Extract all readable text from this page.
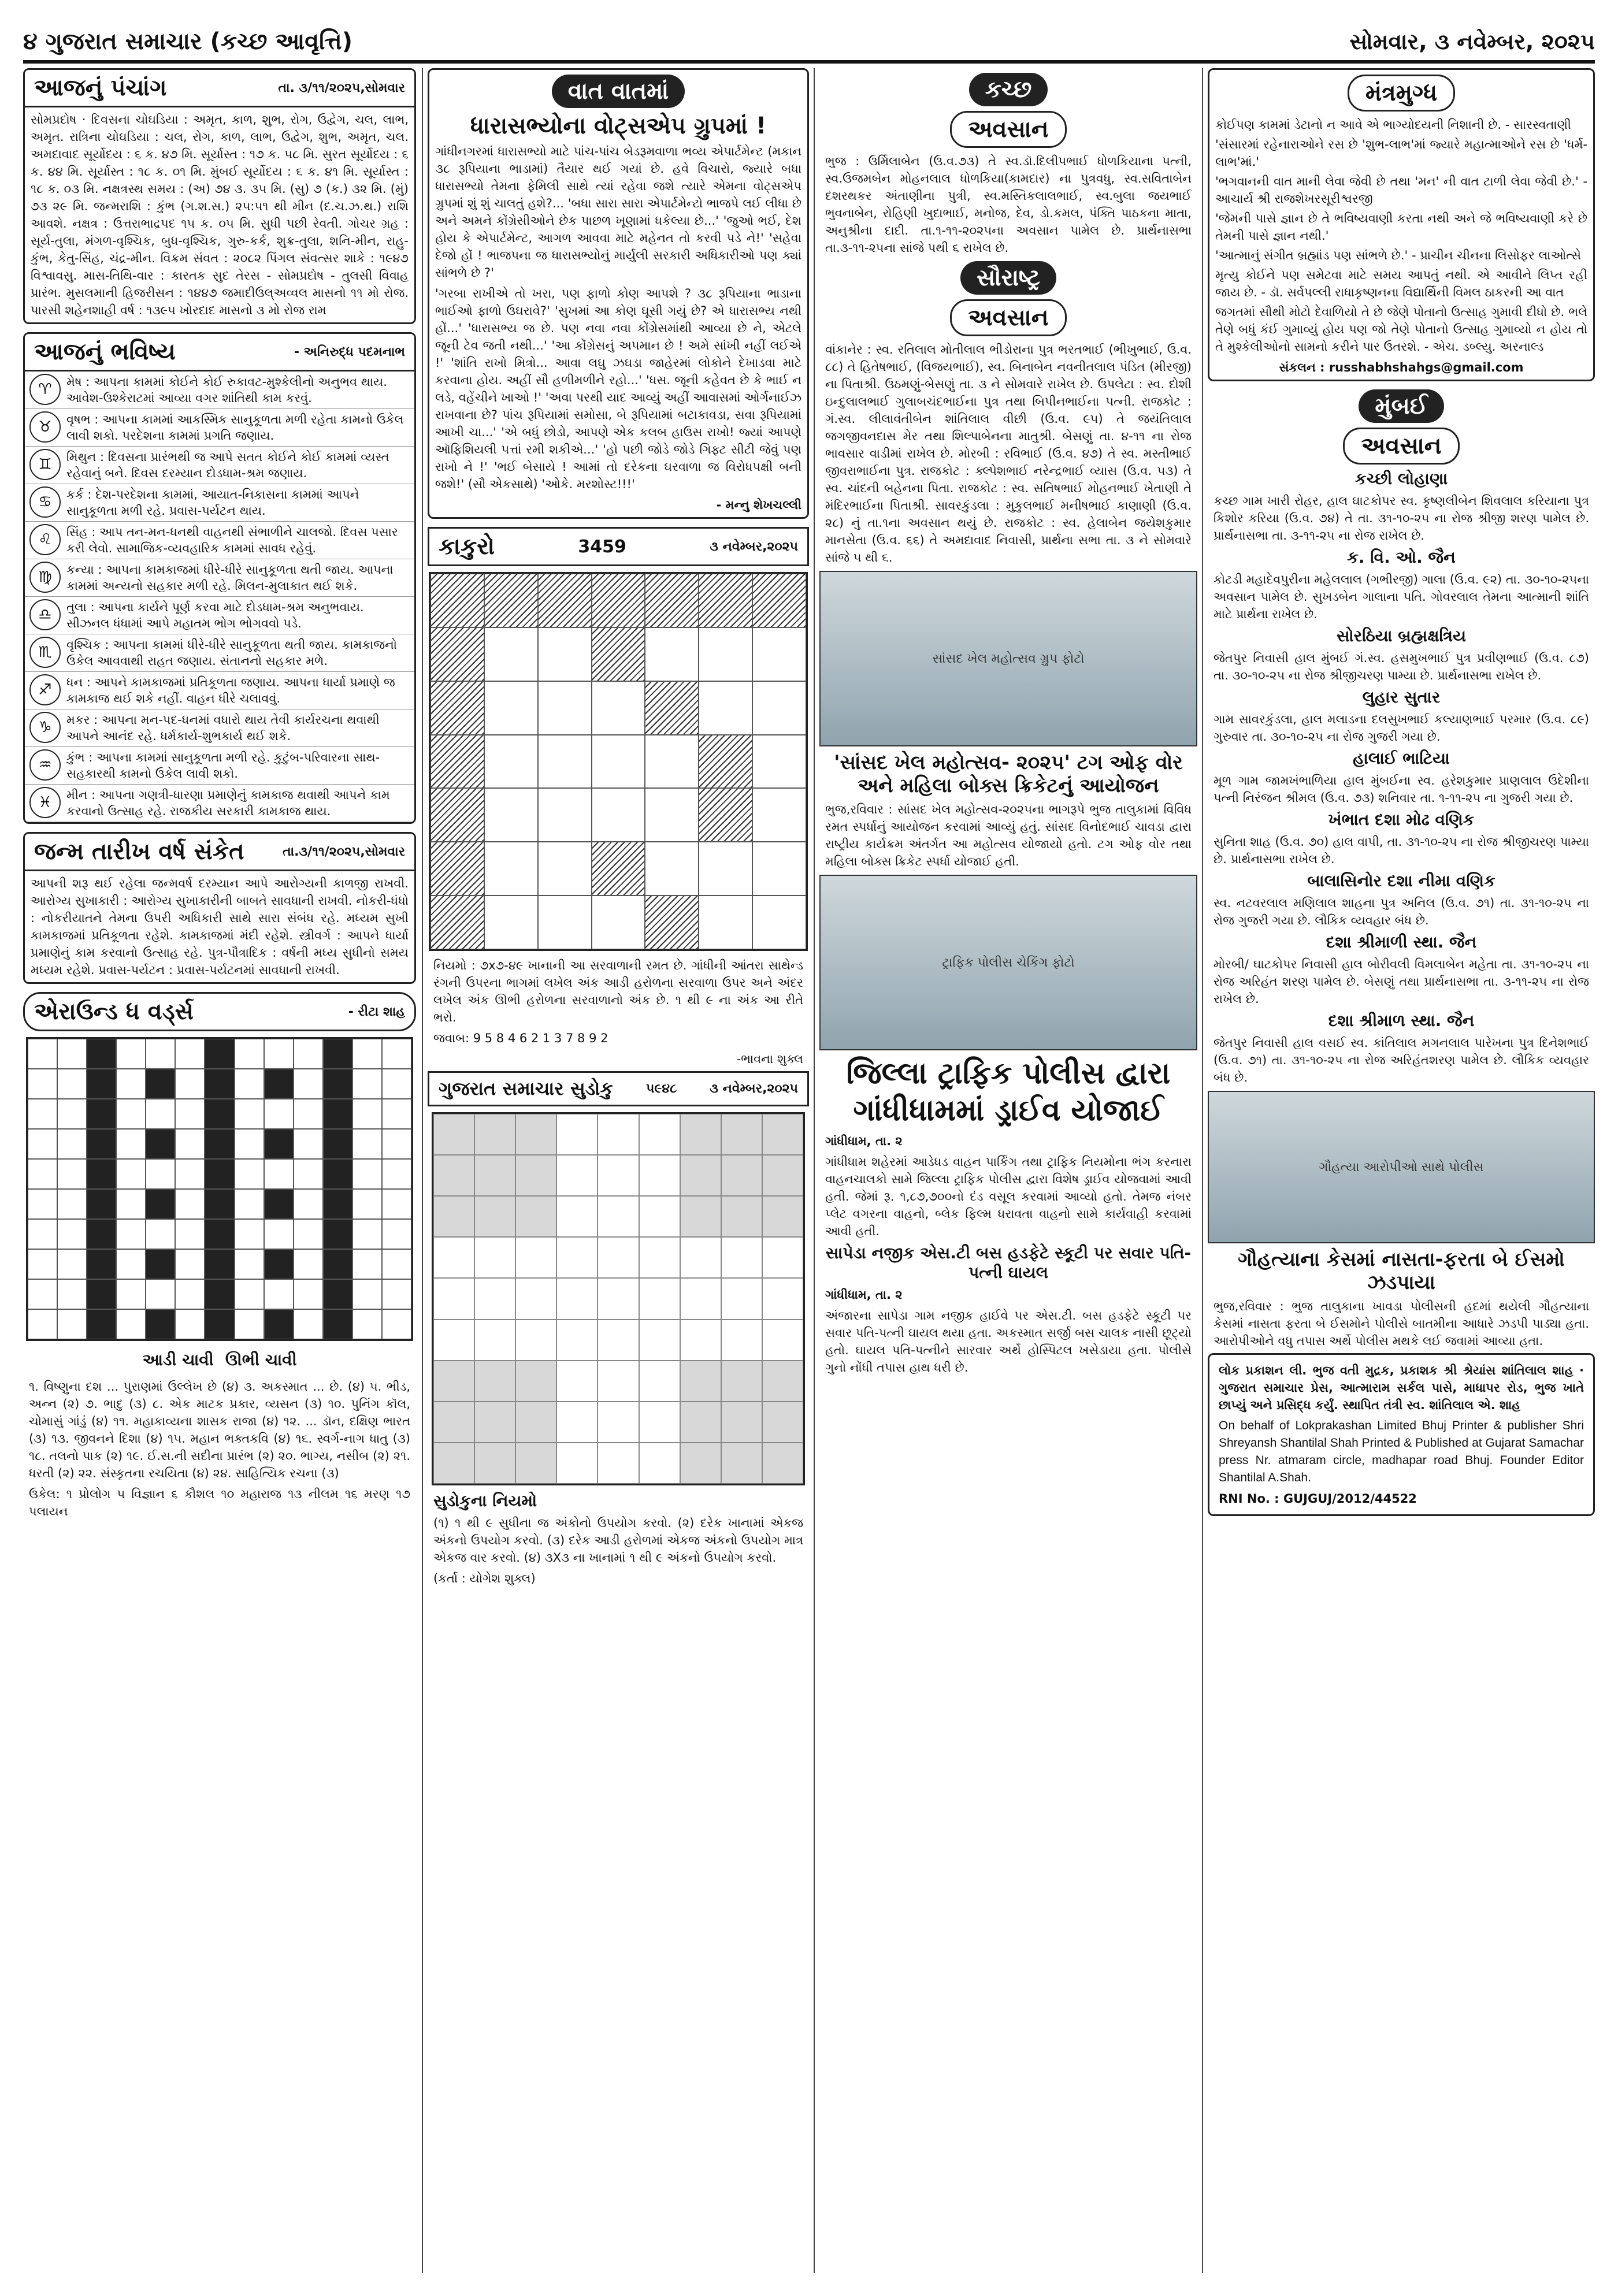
૪ ગુજરાત સમાચાર (કચ્છ આવૃત્તિ)	સોમવાર, ૩ નવેમ્બર, ૨૦૨૫
આજનું પંચાંગ	તા. ૩/૧૧/૨૦૨૫,સોમવાર

સોમપ્રદોષ · દિવસના ચોઘડિયા : અમૃત, કાળ, શુભ, રોગ, ઉદ્વેગ, ચલ, લાભ, અમૃત. રાત્રિના ચોઘડિયા : ચલ, રોગ, કાળ, લાભ, ઉદ્વેગ, શુભ, અમૃત, ચલ. અમદાવાદ સૂર્યોદય : ૬ ક. ૪૭ મિ. સૂર્યાસ્ત : ૧૭ ક. ૫૮ મિ. સુરત સૂર્યોદય : ૬ ક. ૪૪ મિ. સૂર્યાસ્ત : ૧૮ ક. ૦૧ મિ. મુંબઈ સૂર્યોદય : ૬ ક. ૪૧ મિ. સૂર્યાસ્ત : ૧૮ ક. ૦૩ મિ. નક્ષત્રસ્થ સમય : (અ) ૭૪ ૩. ૩૫ મિ. (સુ) ૭ (ક.) ૩૨ મિ. (મું) ૭૩ ૨૯ મિ. જન્મરાશિ : કુંભ (ગ.શ.સ.) ૨૫:૫૧ થી મીન (દ.ચ.ઝ.થ.) રાશિ આવશે. નક્ષત્ર : ઉત્તરાભાદ્રપદ ૧૫ ક. ૦૫ મિ. સુધી પછી રેવતી. ગોચર ગ્રહ : સૂર્ય-તુલા, મંગળ-વૃશ્ચિક, બુધ-વૃશ્ચિક, ગુરુ-કર્ક, શુક્ર-તુલા, શનિ-મીન, રાહુ-કુંભ, કેતુ-સિંહ, ચંદ્ર-મીન. વિક્રમ સંવત : ૨૦૮૨ પિંગલ સંવત્સર શાકે : ૧૯૪૭ વિશ્વાવસુ. માસ-તિથિ-વાર : કારતક સુદ તેરસ - સોમપ્રદોષ - તુલસી વિવાહ પ્રારંભ. મુસલમાની હિજરીસન : ૧૪૪૭ જમાદીઉલ્અવ્વલ માસનો ૧૧ મો રોજ. પારસી શહેનશાહી વર્ષ : ૧૩૯૫ ખોરદાદ માસનો ૩ મો રોજ રામ

આજનું ભવિષ્ય	- અનિરુદ્ધ પદમનાભ
♈	મેષ : આપના કામમાં કોઈને કોઈ રુકાવટ-મુશ્કેલીનો અનુભવ થાય. આવેશ-ઉશ્કેરાટમાં આવ્યા વગર શાંતિથી કામ કરવું.
♉	વૃષભ : આપના કામમાં આકસ્મિક સાનુકૂળતા મળી રહેતા કામનો ઉકેલ લાવી શકો. પરદેશના કામમાં પ્રગતિ જણાય.
♊	મિથુન : દિવસના પ્રારંભથી જ આપે સતત કોઈને કોઈ કામમાં વ્યસ્ત રહેવાનું બને. દિવસ દરમ્યાન દોડધામ-શ્રમ જણાય.
♋	કર્ક : દેશ-પરદેશના કામમાં, આયાત-નિકાસના કામમાં આપને સાનુકૂળતા મળી રહે. પ્રવાસ-પર્યટન થાય.
♌	સિંહ : આપ તન-મન-ધનથી વાહનથી સંભાળીને ચાલજો. દિવસ પસાર કરી લેવો. સામાજિક-વ્યવહારિક કામમાં સાવધ રહેવું.
♍	કન્યા : આપના કામકાજમાં ધીરે-ધીરે સાનુકૂળતા થતી જાય. આપના કામમાં અન્યનો સહકાર મળી રહે. મિલન-મુલાકાત થઈ શકે.
♎	તુલા : આપના કાર્યને પૂર્ણ કરવા માટે દોડધામ-શ્રમ અનુભવાય. સીઝનલ ધંધામાં આપે મહાતમ ભોગ ભોગવવો પડે.
♏	વૃશ્ચિક : આપના કામમાં ધીરે-ધીરે સાનુકૂળતા થતી જાય. કામકાજનો ઉકેલ આવવાથી રાહત જણાય. સંતાનનો સહકાર મળે.
♐	ધન : આપને કામકાજમાં પ્રતિકૂળતા જણાય. આપના ધાર્યા પ્રમાણે જ કામકાજ થઈ શકે નહીં. વાહન ધીરે ચલાવવું.
♑	મકર : આપના મન-પદ-ધનમાં વધારો થાય તેવી કાર્યરચના થવાથી આપને આનંદ રહે. ધર્મકાર્ય-શુભકાર્ય થઈ શકે.
♒	કુંભ : આપના કામમાં સાનુકૂળતા મળી રહે. કુટુંબ-પરિવારના સાથ-સહકારથી કામનો ઉકેલ લાવી શકો.
♓	મીન : આપના ગણત્રી-ધારણા પ્રમાણેનું કામકાજ થવાથી આપને કામ કરવાનો ઉત્સાહ રહે. રાજકીય સરકારી કામકાજ થાય.
જન્મ તારીખ વર્ષ સંકેત	તા.૩/૧૧/૨૦૨૫,સોમવાર

આપની શરૂ થઈ રહેલા જન્મવર્ષ દરમ્યાન આપે આરોગ્યની કાળજી રાખવી. આરોગ્ય સુખાકારી : આરોગ્ય સુખાકારીની બાબતે સાવધાની રાખવી. નોકરી-ધંધો : નોકરીયાતને તેમના ઉપરી અધિકારી સાથે સારા સંબંધ રહે. મધ્યમ સુખી કામકાજમાં પ્રતિકૂળતા રહેશે. કામકાજમાં મંદી રહેશે. સ્ત્રીવર્ગ : આપને ધાર્યા પ્રમાણેનું કામ કરવાનો ઉત્સાહ રહે. પુત્ર-પૌત્રાદિક : વર્ષની મધ્ય સુધીનો સમય મધ્યમ રહેશે. પ્રવાસ-પર્યટન : પ્રવાસ-પર્યટનમાં સાવધાની રાખવી.

એરાઉન્ડ ધ વર્ડ્સ	- રીટા શાહ
આડી ચાવી ઊભી ચાવી

૧. વિષ્ણુના દશ ... પુરાણમાં ઉલ્લેખ છે (૪) ૩. અકસ્માત ... છે. (૪) ૫. ભીડ, અન્ન (૨) ૭. ભાદુ (૩) ૮. એક માટક પ્રકાર, વ્યસન (૩) ૧૦. પુનિંગ કૉલ, ચોમાસું ગાંડું (૪) ૧૧. મહાકાવ્યના શાસક રાજા (૪) ૧૨. ... ડૉન, દક્ષિણ ભારત (૩) ૧૩. જીવનને દિશા (૪) ૧૫. મહાન ભક્તકવિ (૪) ૧૬. સ્વર્ગ-નાગ ધાતુ (૩) ૧૮. તલનો પાક (૨) ૧૯. ઈ.સ.ની સદીના પ્રારંભ (૨) ૨૦. ભાગ્ય, નસીબ (૨) ૨૧. ધરતી (૨) ૨૨. સંસ્કૃતના રચયિતા (૪) ૨૪. સાહિત્યિક રચના (૩)

ઉકેલ: ૧ પ્રોલોગ ૫ વિજ્ઞાન ૬ કૌશલ ૧૦ મહારાજ ૧૩ નીલમ ૧૬ મરણ ૧૭ પલાયન

વાત વાતમાં
ધારાસભ્યોના વોટ્સએપ ગ્રુપમાં !

ગાંધીનગરમાં ધારાસભ્યો માટે પાંચ-પાંચ બેડરૂમવાળા ભવ્ય એપાર્ટમેન્ટ (મકાન ૩૮ રૂપિયાના ભાડામાં) તૈયાર થઈ ગયાં છે. હવે વિચારો, જ્યારે બધા ધારાસભ્યો તેમના ફેમિલી સાથે ત્યાં રહેવા જશે ત્યારે એમના વોટ્સએપ ગ્રુપમાં શું શું ચાલતું હશે?... 'બધા સારા સારા એપાર્ટમેન્ટો ભાજપે લઈ લીધા છે અને અમને કોંગ્રેસીઓને છેક પાછળ ખૂણામાં ધકેલ્યા છે...' 'જુઓ ભઈ, દેશ હોય કે એપાર્ટમેન્ટ, આગળ આવવા માટે મહેનત તો કરવી પડે ને!' 'સહેવા દેજો હોં ! ભાજપના જ ધારાસભ્યોનું માર્યુલી સરકારી અધિકારીઓ પણ ક્યાં સાંભળે છે ?'

'ગરબા રાખીએ તો ખરા, પણ ફાળો કોણ આપશે ? ૩૮ રૂપિયાના ભાડાના ભાઈઓ ફાળો ઉઘરાવે?' 'સુખમાં આ કોણ ઘૂસી ગયું છે? એ ધારાસભ્ય નથી હોં...' 'ધારાસભ્ય જ છે. પણ નવા નવા કોંગ્રેસમાંથી આવ્યા છે ને, એટલે જૂની ટેવ જતી નથી...' 'આ કોંગ્રેસનું અપમાન છે ! અમે સાંખી નહીં લઈએ !' 'શાંતિ રાખો મિત્રો... આવા લઘુ ઝઘડા જાહેરમાં લોકોને દેખાડવા માટે કરવાના હોય. અહીં સૌ હળીમળીને રહો...' 'ધસ. જૂની કહેવત છે કે ભાઈ ન લડે, વહેંચીને ખાઓ !' 'અવા પરથી યાદ આવ્યું અહીં આવાસમાં ઓર્ગનાઈઝ રાખવાના છે? પાંચ રૂપિયામાં સમોસા, બે રૂપિયામાં બટાકાવડા, સવા રૂપિયામાં આખી ચા...' 'એ બધું છોડો, આપણે એક કલબ હાઉસ રાખો! જ્યાં આપણે ઑફિશિયલી પત્તાં રમી શકીએ...' 'હો પછી જોડે જોડે ગિફ્ટ સીટી જેવું પણ રાખો ને !' 'ભઈ બેસાયે ! આમાં તો દરેકના ઘરવાળા જ વિરોધપક્ષી બની જશે!' (સૌ એકસાથે) 'ઓકે. મરશોસ્ટ!!!'

- મન્નુ શેખચલ્લી

કાકુરો	3459	૩ નવેમ્બર,૨૦૨૫

નિયમો : ૭x૭-૪૯ ખાનાની આ સરવાળાની રમત છે. ગાંધીની આંતરા સાથેન્ડ રંગની ઉપરના ભાગમાં લખેલ અંક આડી હરોળના સરવાળા ઉપર અને અંદર લખેલ અંક ઊભી હરોળના સરવાળાનો અંક છે. ૧ થી ૯ ના અંક આ રીતે ભરો.

જવાબ: 9 5 8 4 6 2 1 3 7 8 9 2

-ભાવના શુક્લ

ગુજરાત સમાચાર સુડોકુ	૫૯૪૮	૩ નવેમ્બર,૨૦૨૫
સુડોકુના નિયમો

(૧) ૧ થી ૯ સુધીના જ અંકોનો ઉપયોગ કરવો. (૨) દરેક ખાનામાં એકજ અંકનો ઉપયોગ કરવો. (૩) દરેક આડી હરોળમાં એકજ અંકનો ઉપયોગ માત્ર એકજ વાર કરવો. (૪) ૩X૩ ના ખાનામાં ૧ થી ૯ અંકનો ઉપયોગ કરવો.

(કર્તા : યોગેશ શુક્લ)

કચ્છ
અવસાન

ભુજ : ઉર્મિલાબેન (ઉ.વ.૭૩) તે સ્વ.ડૉ.દિલીપભાઈ ધોળકિયાના પત્ની, સ્વ.ઉજમબેન મોહનલાલ ધોળકિયા(કામદાર) ના પુત્રવધુ, સ્વ.સવિતાબેન દશરથકર અંતાણીના પુત્રી, સ્વ.મસ્તિકલાલભાઈ, સ્વ.બુલા જયભાઈ ભુવનાબેન, રોહિણી ખુદાભાઈ, મનોજ, દેવ, ડો.કમલ, પંક્તિ પાઠકના માતા, અનુશ્રીના દાદી. તા.૧-૧૧-૨૦૨૫ના અવસાન પામેલ છે. પ્રાર્થનાસભા તા.૩-૧૧-૨૫ના સાંજે પથી ૬ રાખેલ છે.

સૌરાષ્ટ્ર
અવસાન

વાંકાનેર : સ્વ. રતિલાલ મોતીલાલ ભીડોરાના પુત્ર ભરતભાઈ (ભીખુભાઈ, ઉ.વ. ૮૮) તે હિતેષભાઈ, (વિજયભાઈ), સ્વ. બિનાબેન નવનીતલાલ પંડિત (મીરજી) ના પિતાશ્રી. ઉઠમણું-બેસણું તા. ૩ ને સોમવારે રાખેલ છે. ઉપલેટા : સ્વ. દોશી ઇન્દુલાલભાઈ ગુલાબચંદભાઈના પુત્ર તથા બિપીનભાઈના પત્ની. રાજકોટ : ગં.સ્વ. લીલાવંતીબેન શાંતિલાલ વીછી (ઉ.વ. ૯૫) તે જયંતિલાલ જગજીવનદાસ મેર તથા શિલ્પાબેનના માતુશ્રી. બેસણું તા. ૪-૧૧ ના રોજ ભાવસાર વાડીમાં રાખેલ છે. મોરબી : રવિભાઈ (ઉ.વ. ૪૭) તે સ્વ. મસ્તીભાઈ જીવરાભાઈના પુત્ર. રાજકોટ : ક્લ્પેશભાઈ નરેન્દ્રભાઈ વ્યાસ (ઉ.વ. ૫૩) તે સ્વ. ચાંદની બહેનના પિતા. રાજકોટ : સ્વ. સતિષભાઈ મોહનભાઈ ખેતાણી તે મંદિરભાઈના પિતાશ્રી. સાવરકુંડલા : મુકુલભાઈ મનીષભાઈ કાણાણી (ઉ.વ. ૨૮) નું તા.૧ના અવસાન થયું છે. રાજકોટ : સ્વ. હેલાબેન જયેશકુમાર માનસેતા (ઉ.વ. ૬૬) તે અમદાવાદ નિવાસી, પ્રાર્થના સભા તા. ૩ ને સોમવારે સાંજે ૫ થી ૬.

સાંસદ ખેલ મહોત્સવ ગ્રુપ ફોટો
'સાંસદ ખેલ મહોત્સવ- ૨૦૨૫' ટગ ઓફ વોર અને મહિલા બોક્સ ક્રિકેટનું આયોજન

ભુજ,રવિવાર : સાંસદ ખેલ મહોત્સવ-૨૦૨૫ના ભાગરૂપે ભુજ તાલુકામાં વિવિધ રમત સ્પર્ધાનું આયોજન કરવામાં આવ્યું હતું. સાંસદ વિનોદભાઈ ચાવડા દ્વારા રાષ્ટ્રીય કાર્યક્રમ અંતર્ગત આ મહોત્સવ યોજાયો હતો. ટગ ઓફ વોર તથા મહિલા બોક્સ ક્રિકેટ સ્પર્ધા યોજાઈ હતી.

ટ્રાફિક પોલીસ ચેકિંગ ફોટો
જિલ્લા ટ્રાફિક પોલીસ દ્વારા ગાંધીધામમાં ડ્રાઈવ યોજાઈ

ગાંધીધામ, તા. ૨

ગાંધીધામ શહેરમાં આડેધડ વાહન પાર્કિંગ તથા ટ્રાફિક નિયમોના ભંગ કરનારા વાહનચાલકો સામે જિલ્લા ટ્રાફિક પોલીસ દ્વારા વિશેષ ડ્રાઈવ યોજવામાં આવી હતી. જેમાં રૂ. ૧,૮૭,૭૦૦નો દંડ વસૂલ કરવામાં આવ્યો હતો. તેમજ નંબર પ્લેટ વગરના વાહનો, બ્લેક ફિલ્મ ધરાવતા વાહનો સામે કાર્યવાહી કરવામાં આવી હતી.

સાપેડા નજીક એસ.ટી બસ હડફેટે સ્કૂટી પર સવાર પતિ-પત્ની ઘાયલ

ગાંધીધામ, તા. ૨

અંજારના સાપેડા ગામ નજીક હાઈવે પર એસ.ટી. બસ હડફેટે સ્કૂટી પર સવાર પતિ-પત્ની ઘાયલ થયા હતા. અકસ્માત સર્જી બસ ચાલક નાસી છૂટ્યો હતો. ઘાયલ પતિ-પત્નીને સારવાર અર્થે હોસ્પિટલ ખસેડાયા હતા. પોલીસે ગુનો નોંધી તપાસ હાથ ધરી છે.

મંત્રમુગ્ધ

કોઈપણ કામમાં ડેટાનો ન આવે એ ભાગ્યોદયની નિશાની છે. - સારસ્વતાણી

'સંસારમાં રહેનારાઓને રસ છે 'શુભ-લાભ'માં જ્યારે મહાત્માઓને રસ છે 'ધર્મ-લાભ'માં.'

'ભગવાનની વાત માની લેવા જેવી છે તથા 'મન' ની વાત ટાળી લેવા જેવી છે.' - આચાર્ય શ્રી રાજશેખરસૂરીશ્વરજી

'જેમની પાસે જ્ઞાન છે તે ભવિષ્યવાણી કરતા નથી અને જે ભવિષ્યવાણી કરે છે તેમની પાસે જ્ઞાન નથી.'

'આત્માનું સંગીત બ્રહ્માંડ પણ સાંભળે છે.' - પ્રાચીન ચીનના લિસોફર લાઓત્સે

મૃત્યુ કોઈને પણ સમેટવા માટે સમય આપતું નથી. એ આવીને લિપ્ત રહી જાય છે. - ડૉ. સર્વપલ્લી રાધાકૃષ્ણનના વિદ્યાર્થિની વિમલ ઠાકરની આ વાત

જગતમાં સૌથી મોટો દેવાળિયો તે છે જેણે પોતાનો ઉત્સાહ ગુમાવી દીધો છે. ભલે તેણે બધું કંઈ ગુમાવ્યું હોય પણ જો તેણે પોતાનો ઉત્સાહ ગુમાવ્યો ન હોય તો તે મુશ્કેલીઓનો સામનો કરીને પાર ઉતરશે. - એચ. ડબ્લ્યુ. અરનાલ્ડ

સંકલન : russhabhshahgs@gmail.com

મુંબઈ
અવસાન
કચ્છી લોહાણા

કચ્છ ગામ ખારી રોહર, હાલ ઘાટકોપર સ્વ. કૃષ્ણલીબેન શિવલાલ કરિયાના પુત્ર કિશોર કરિયા (ઉ.વ. ૭૪) તે તા. ૩૧-૧૦-૨૫ ના રોજ શ્રીજી શરણ પામેલ છે. પ્રાર્થનાસભા તા. ૩-૧૧-૨૫ ના રોજ રાખેલ છે.

ક. વિ. ઓ. જૈન

કોટડી મહાદેવપુરીના મહેલલાલ (ગભીરજી) ગાલા (ઉ.વ. ૯૨) તા. ૩૦-૧૦-૨૫ના અવસાન પામેલ છે. સુખડબેન ગાલાના પતિ. ગોવરલાલ તેમના આત્માની શાંતિ માટે પ્રાર્થના રાખેલ છે.

સોરઠિયા બ્રહ્મક્ષત્રિય

જેતપુર નિવાસી હાલ મુંબઈ ગં.સ્વ. હસમુખભાઈ પુત્ર પ્રવીણભાઈ (ઉ.વ. ૮૭) તા. ૩૦-૧૦-૨૫ ના રોજ શ્રીજીચરણ પામ્યા છે. પ્રાર્થનાસભા રાખેલ છે.

લુહાર સુતાર

ગામ સાવરકુંડલા, હાલ મલાડના દલસુખભાઈ કલ્યાણભાઈ પરમાર (ઉ.વ. ૮૯) ગુરુવાર તા. ૩૦-૧૦-૨૫ ના રોજ ગુજરી ગયા છે.

હાલાઈ ભાટિયા

મૂળ ગામ જામખંભાળિયા હાલ મુંબઈના સ્વ. હરેશકુમાર પ્રાણલાલ ઉદેશીના પત્ની નિરંજન શ્રીમલ (ઉ.વ. ૭૩) શનિવાર તા. ૧-૧૧-૨૫ ના ગુજરી ગયા છે.

ખંભાત દશા મોઢ વણિક

સુનિતા શાહ (ઉ.વ. ૭૦) હાલ વાપી, તા. ૩૧-૧૦-૨૫ ના રોજ શ્રીજીચરણ પામ્યા છે. પ્રાર્થનાસભા રાખેલ છે.

બાલાસિનોર દશા નીમા વણિક

સ્વ. નટવરલાલ મણિલાલ શાહના પુત્ર અનિલ (ઉ.વ. ૭૧) તા. ૩૧-૧૦-૨૫ ના રોજ ગુજરી ગયા છે. લૌકિક વ્યવહાર બંધ છે.

દશા શ્રીમાળી સ્થા. જૈન

મોરબી/ ઘાટકોપર નિવાસી હાલ બોરીવલી વિમલાબેન મહેતા તા. ૩૧-૧૦-૨૫ ના રોજ અરિહંત શરણ પામેલ છે. બેસણું તથા પ્રાર્થનાસભા તા. ૩-૧૧-૨૫ ના રોજ રાખેલ છે.

દશા શ્રીમાળ સ્થા. જૈન

જેતપુર નિવાસી હાલ વસઈ સ્વ. કાંતિલાલ મગનલાલ પારેખના પુત્ર દિનેશભાઈ (ઉ.વ. ૭૧) તા. ૩૧-૧૦-૨૫ ના રોજ અરિહંતશરણ પામેલ છે. લૌકિક વ્યવહાર બંધ છે.

ગૌહત્યા આરોપીઓ સાથે પોલીસ
ગૌહત્યાના કેસમાં નાસતા-ફરતા બે ઈસમો ઝડપાયા

ભુજ,રવિવાર : ભુજ તાલુકાના ખાવડા પોલીસની હદમાં થયેલી ગૌહત્યાના કેસમાં નાસતા ફરતા બે ઈસમોને પોલીસે બાતમીના આધારે ઝડપી પાડ્યા હતા. આરોપીઓને વધુ તપાસ અર્થે પોલીસ મથકે લઈ જવામાં આવ્યા હતા.

લોક પ્રકાશન લી. ભુજ વતી મુદ્રક, પ્રકાશક શ્રી શ્રેયાંસ શાંતિલાલ શાહ · ગુજરાત સમાચાર પ્રેસ, આત્મારામ સર્કલ પાસે, માધાપર રોડ, ભુજ ખાતે છાપ્યું અને પ્રસિદ્ધ કર્યું. સ્થાપિત તંત્રી સ્વ. શાંતિલાલ એ. શાહ

On behalf of Lokprakashan Limited Bhuj Printer & publisher Shri Shreyansh Shantilal Shah Printed & Published at Gujarat Samachar press Nr. atmaram circle, madhapar road Bhuj. Founder Editor Shantilal A.Shah.

RNI No. : GUJGUJ/2012/44522
